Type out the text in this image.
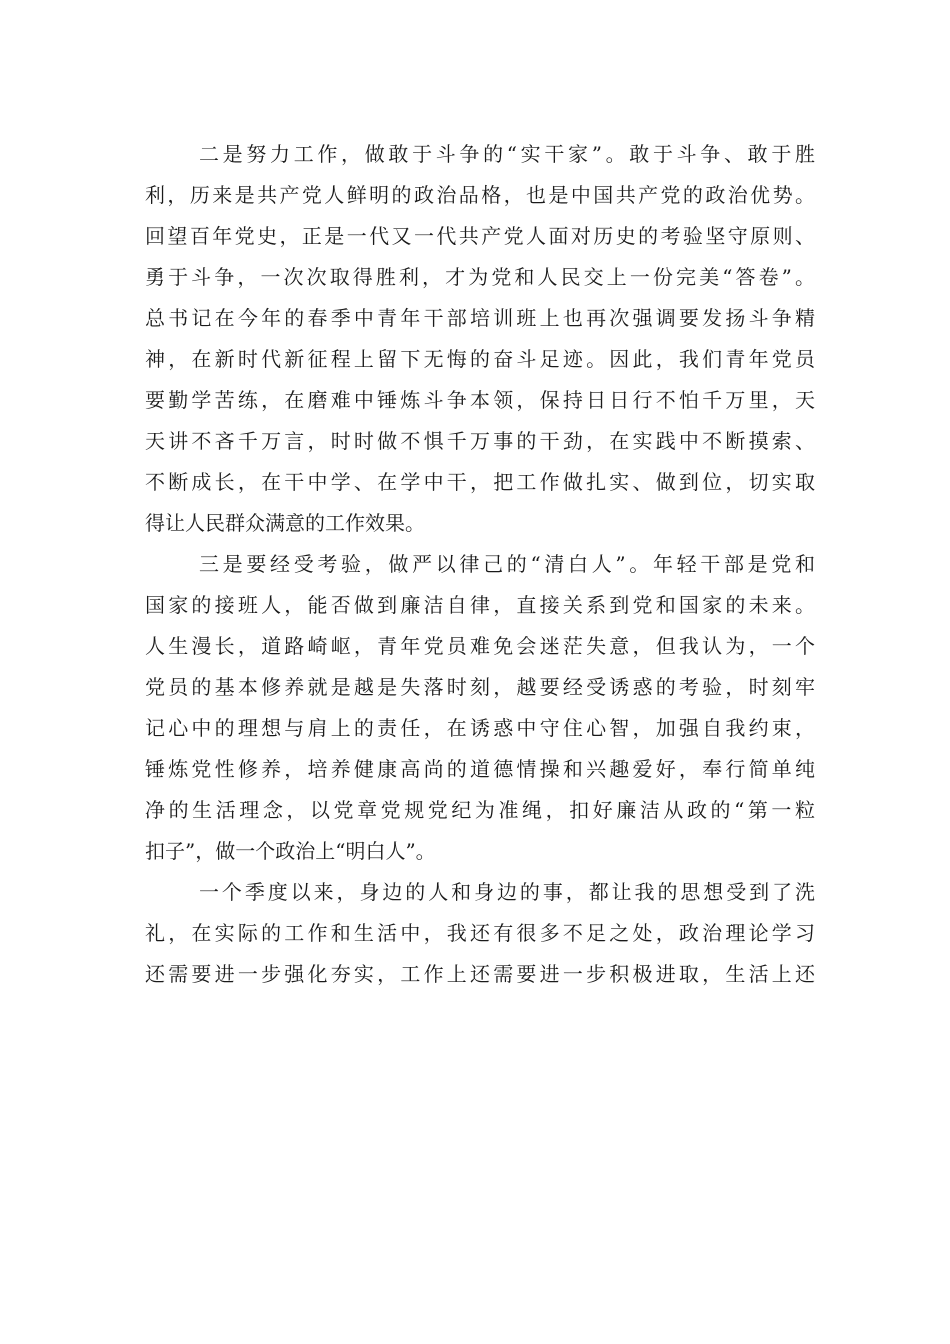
二是努力工作，做敢于斗争的“实干家”。敢于斗争、敢于胜
利，历来是共产党人鲜明的政治品格，也是中国共产党的政治优势。
回望百年党史，正是一代又一代共产党人面对历史的考验坚守原则、
勇于斗争，一次次取得胜利，才为党和人民交上一份完美“答卷”。
总书记在今年的春季中青年干部培训班上也再次强调要发扬斗争精
神，在新时代新征程上留下无悔的奋斗足迹。因此，我们青年党员
要勤学苦练，在磨难中锤炼斗争本领，保持日日行不怕千万里，天
天讲不吝千万言，时时做不惧千万事的干劲，在实践中不断摸索、
不断成长，在干中学、在学中干，把工作做扎实、做到位，切实取
得让人民群众满意的工作效果。
三是要经受考验，做严以律己的“清白人”。年轻干部是党和
国家的接班人，能否做到廉洁自律，直接关系到党和国家的未来。
人生漫长，道路崎岖，青年党员难免会迷茫失意，但我认为，一个
党员的基本修养就是越是失落时刻，越要经受诱惑的考验，时刻牢
记心中的理想与肩上的责任，在诱惑中守住心智，加强自我约束，
锤炼党性修养，培养健康高尚的道德情操和兴趣爱好，奉行简单纯
净的生活理念，以党章党规党纪为准绳，扣好廉洁从政的“第一粒
扣子”，做一个政治上“明白人”。
一个季度以来，身边的人和身边的事，都让我的思想受到了洗
礼，在实际的工作和生活中，我还有很多不足之处，政治理论学习
还需要进一步强化夯实，工作上还需要进一步积极进取，生活上还
